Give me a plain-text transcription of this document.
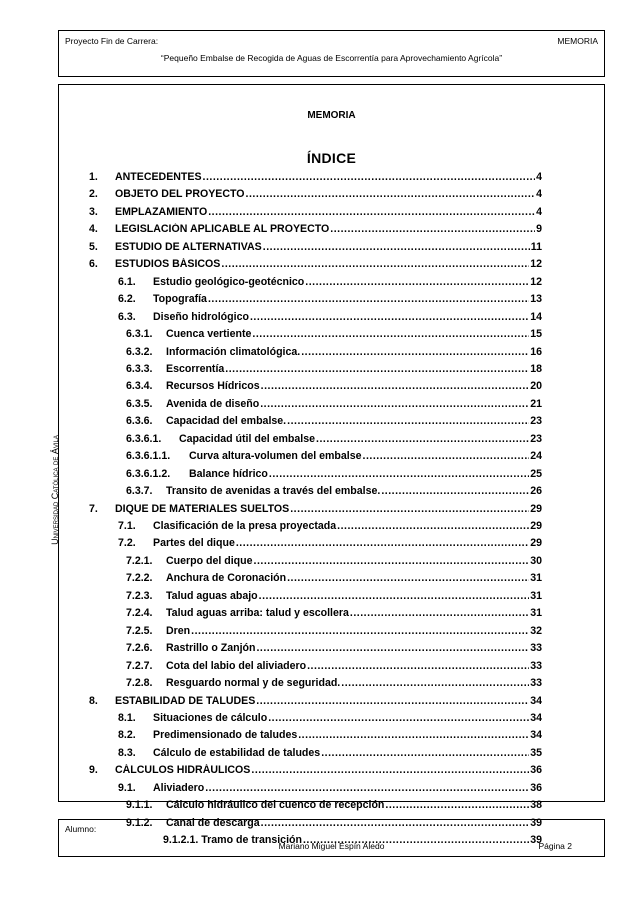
Proyecto Fin de Carrera:	MEMORIA
“Pequeño Embalse de Recogida de Aguas de Escorrentía para Aprovechamiento Agrícola”
Universidad Católica de Ávila
MEMORIA
ÍNDICE
1.	ANTECEDENTES .....	4
2.	OBJETO DEL PROYECTO .....	4
3.	EMPLAZAMIENTO .....	4
4.	LEGISLACIÓN APLICABLE AL PROYECTO .....	9
5.	ESTUDIO DE ALTERNATIVAS .....	11
6.	ESTUDIOS BÁSICOS .....	12
6.1.	Estudio geológico-geotécnico .....	12
6.2.	Topografía .....	13
6.3.	Diseño hidrológico .....	14
6.3.1.	Cuenca vertiente .....	15
6.3.2.	Información climatológica. .....	16
6.3.3.	Escorrentía .....	18
6.3.4.	Recursos Hídricos .....	20
6.3.5.	Avenida de diseño .....	21
6.3.6.	Capacidad del embalse. .....	23
6.3.6.1.	Capacidad útil del embalse .....	23
6.3.6.1.1.	Curva altura-volumen del embalse .....	24
6.3.6.1.2.	Balance hídrico .....	25
6.3.7.	Transito de avenidas a través del embalse. .....	26
7.	DIQUE DE MATERIALES SUELTOS .....	29
7.1.	Clasificación de la presa proyectada .....	29
7.2.	Partes del dique .....	29
7.2.1.	Cuerpo del dique .....	30
7.2.2.	Anchura de Coronación .....	31
7.2.3.	Talud aguas abajo .....	31
7.2.4.	Talud aguas arriba: talud y escollera .....	31
7.2.5.	Dren .....	32
7.2.6.	Rastrillo o Zanjón .....	33
7.2.7.	Cota del labio del aliviadero .....	33
7.2.8.	Resguardo normal y de seguridad. .....	33
8.	ESTABILIDAD DE TALUDES .....	34
8.1.	Situaciones de cálculo .....	34
8.2.	Predimensionado de taludes .....	34
8.3.	Cálculo de estabilidad de taludes .....	35
9.	CÁLCULOS HIDRÁULICOS .....	36
9.1.	Aliviadero .....	36
9.1.1.	Cálculo hidráulico del cuenco de recepción .....	38
9.1.2.	Canal de descarga .....	39
9.1.2.1. Tramo de transición .....	39
Alumno:
Mariano Miguel Espín Aledo	Página 2
